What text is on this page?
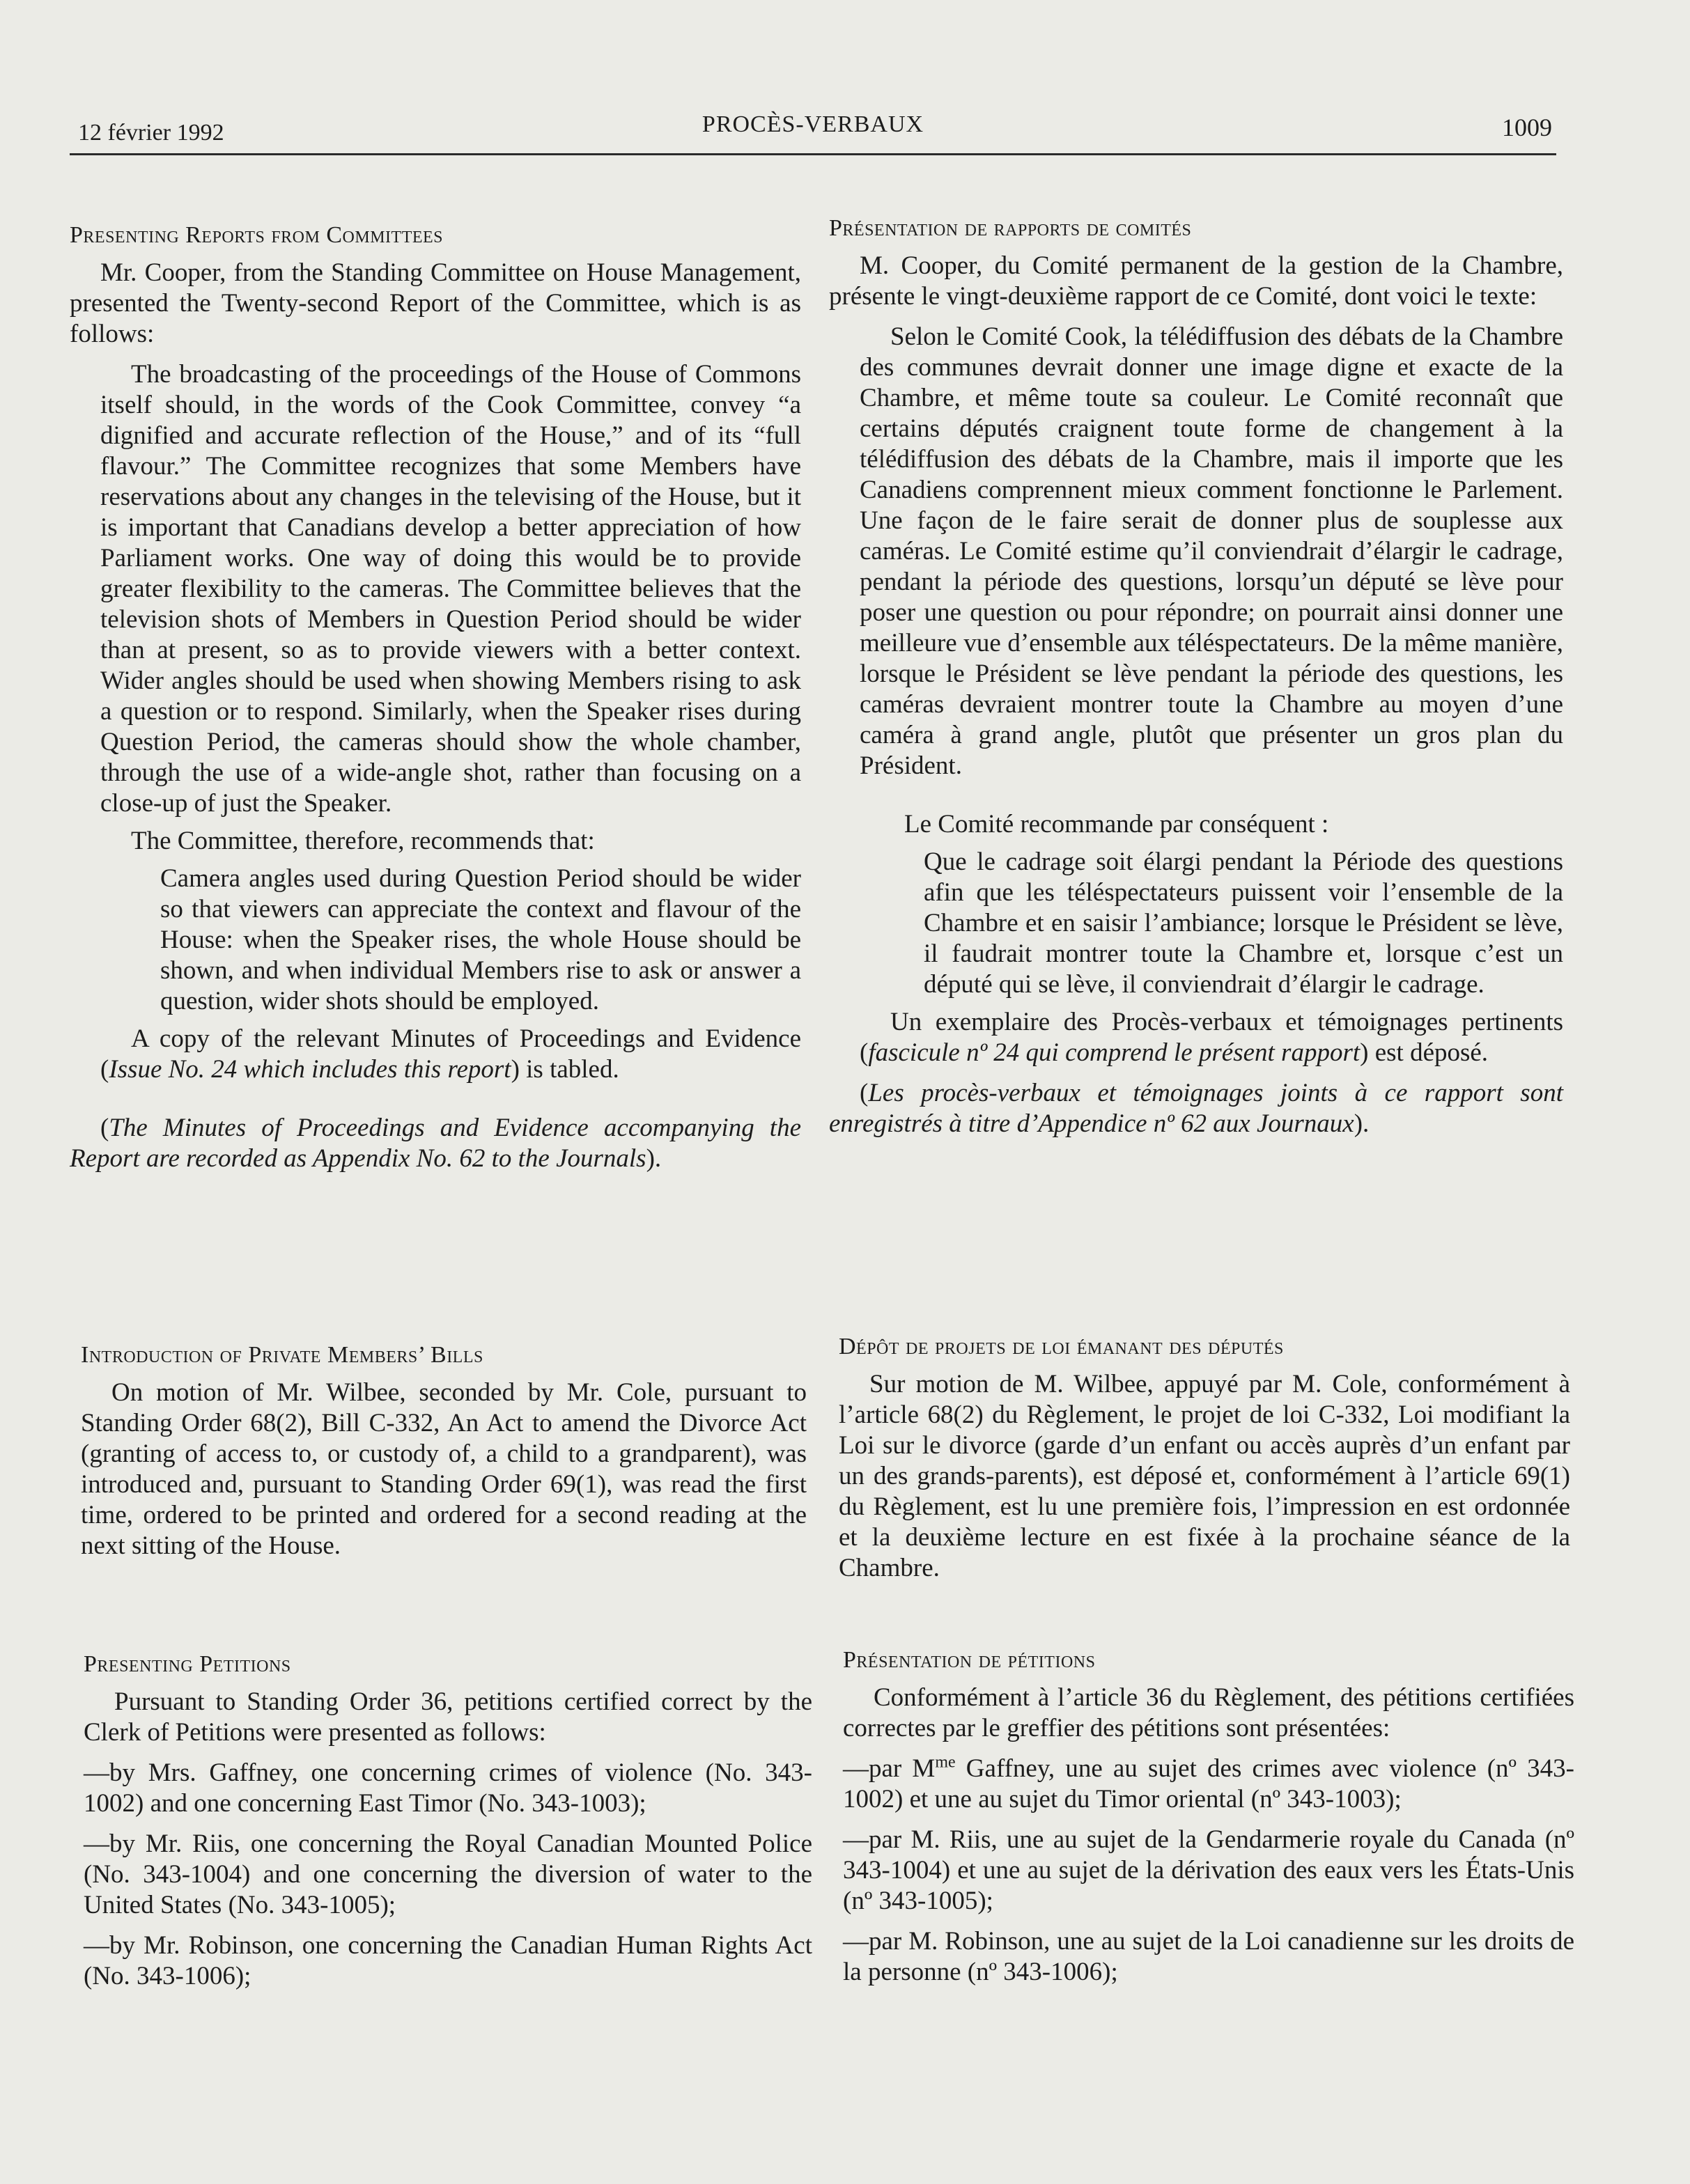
12 février 1992	PROCÈS-VERBAUX	1009

Presenting Reports from Committees

Mr. Cooper, from the Standing Committee on House Management, presented the Twenty-second Report of the Committee, which is as follows:

The broadcasting of the proceedings of the House of Commons itself should, in the words of the Cook Committee, convey “a dignified and accurate reflection of the House,” and of its “full flavour.” The Committee recognizes that some Members have reservations about any changes in the televising of the House, but it is important that Canadians develop a better appreciation of how Parliament works. One way of doing this would be to provide greater flexibility to the cameras. The Committee believes that the television shots of Members in Question Period should be wider than at present, so as to provide viewers with a better context. Wider angles should be used when showing Members rising to ask a question or to respond. Similarly, when the Speaker rises during Question Period, the cameras should show the whole chamber, through the use of a wide-angle shot, rather than focusing on a close-up of just the Speaker.

The Committee, therefore, recommends that:

Camera angles used during Question Period should be wider so that viewers can appreciate the context and flavour of the House: when the Speaker rises, the whole House should be shown, and when individual Members rise to ask or answer a question, wider shots should be employed.

A copy of the relevant Minutes of Proceedings and Evidence (Issue No. 24 which includes this report) is tabled.

(The Minutes of Proceedings and Evidence accompanying the Report are recorded as Appendix No. 62 to the Journals).

Introduction of Private Members’ Bills

On motion of Mr. Wilbee, seconded by Mr. Cole, pursuant to Standing Order 68(2), Bill C-332, An Act to amend the Divorce Act (granting of access to, or custody of, a child to a grandparent), was introduced and, pursuant to Standing Order 69(1), was read the first time, ordered to be printed and ordered for a second reading at the next sitting of the House.

Presenting Petitions

Pursuant to Standing Order 36, petitions certified correct by the Clerk of Petitions were presented as follows:

—by Mrs. Gaffney, one concerning crimes of violence (No. 343-1002) and one concerning East Timor (No. 343-1003);

—by Mr. Riis, one concerning the Royal Canadian Mounted Police (No. 343-1004) and one concerning the diversion of water to the United States (No. 343-1005);

—by Mr. Robinson, one concerning the Canadian Human Rights Act (No. 343-1006);

Présentation de rapports de comités

M. Cooper, du Comité permanent de la gestion de la Chambre, présente le vingt-deuxième rapport de ce Comité, dont voici le texte:

Selon le Comité Cook, la télédiffusion des débats de la Chambre des communes devrait donner une image digne et exacte de la Chambre, et même toute sa couleur. Le Comité reconnaît que certains députés craignent toute forme de changement à la télédiffusion des débats de la Chambre, mais il importe que les Canadiens comprennent mieux comment fonctionne le Parlement. Une façon de le faire serait de donner plus de souplesse aux caméras. Le Comité estime qu’il conviendrait d’élargir le cadrage, pendant la période des questions, lorsqu’un député se lève pour poser une question ou pour répondre; on pourrait ainsi donner une meilleure vue d’ensemble aux téléspectateurs. De la même manière, lorsque le Président se lève pendant la période des questions, les caméras devraient montrer toute la Chambre au moyen d’une caméra à grand angle, plutôt que présenter un gros plan du Président.

Le Comité recommande par conséquent :

Que le cadrage soit élargi pendant la Période des questions afin que les téléspectateurs puissent voir l’ensemble de la Chambre et en saisir l’ambiance; lorsque le Président se lève, il faudrait montrer toute la Chambre et, lorsque c’est un député qui se lève, il conviendrait d’élargir le cadrage.

Un exemplaire des Procès-verbaux et témoignages pertinents (fascicule nº 24 qui comprend le présent rapport) est déposé.

(Les procès-verbaux et témoignages joints à ce rapport sont enregistrés à titre d’Appendice nº 62 aux Journaux).

Dépôt de projets de loi émanant des députés

Sur motion de M. Wilbee, appuyé par M. Cole, conformément à l’article 68(2) du Règlement, le projet de loi C-332, Loi modifiant la Loi sur le divorce (garde d’un enfant ou accès auprès d’un enfant par un des grands-parents), est déposé et, conformément à l’article 69(1) du Règlement, est lu une première fois, l’impression en est ordonnée et la deuxième lecture en est fixée à la prochaine séance de la Chambre.

Présentation de pétitions

Conformément à l’article 36 du Règlement, des pétitions certifiées correctes par le greffier des pétitions sont présentées:

—par $M^{me}$ Gaffney, une au sujet des crimes avec violence (nº 343-1002) et une au sujet du Timor oriental (nº 343-1003);

—par M. Riis, une au sujet de la Gendarmerie royale du Canada (nº 343-1004) et une au sujet de la dérivation des eaux vers les États-Unis (nº 343-1005);

—par M. Robinson, une au sujet de la Loi canadienne sur les droits de la personne (nº 343-1006);
